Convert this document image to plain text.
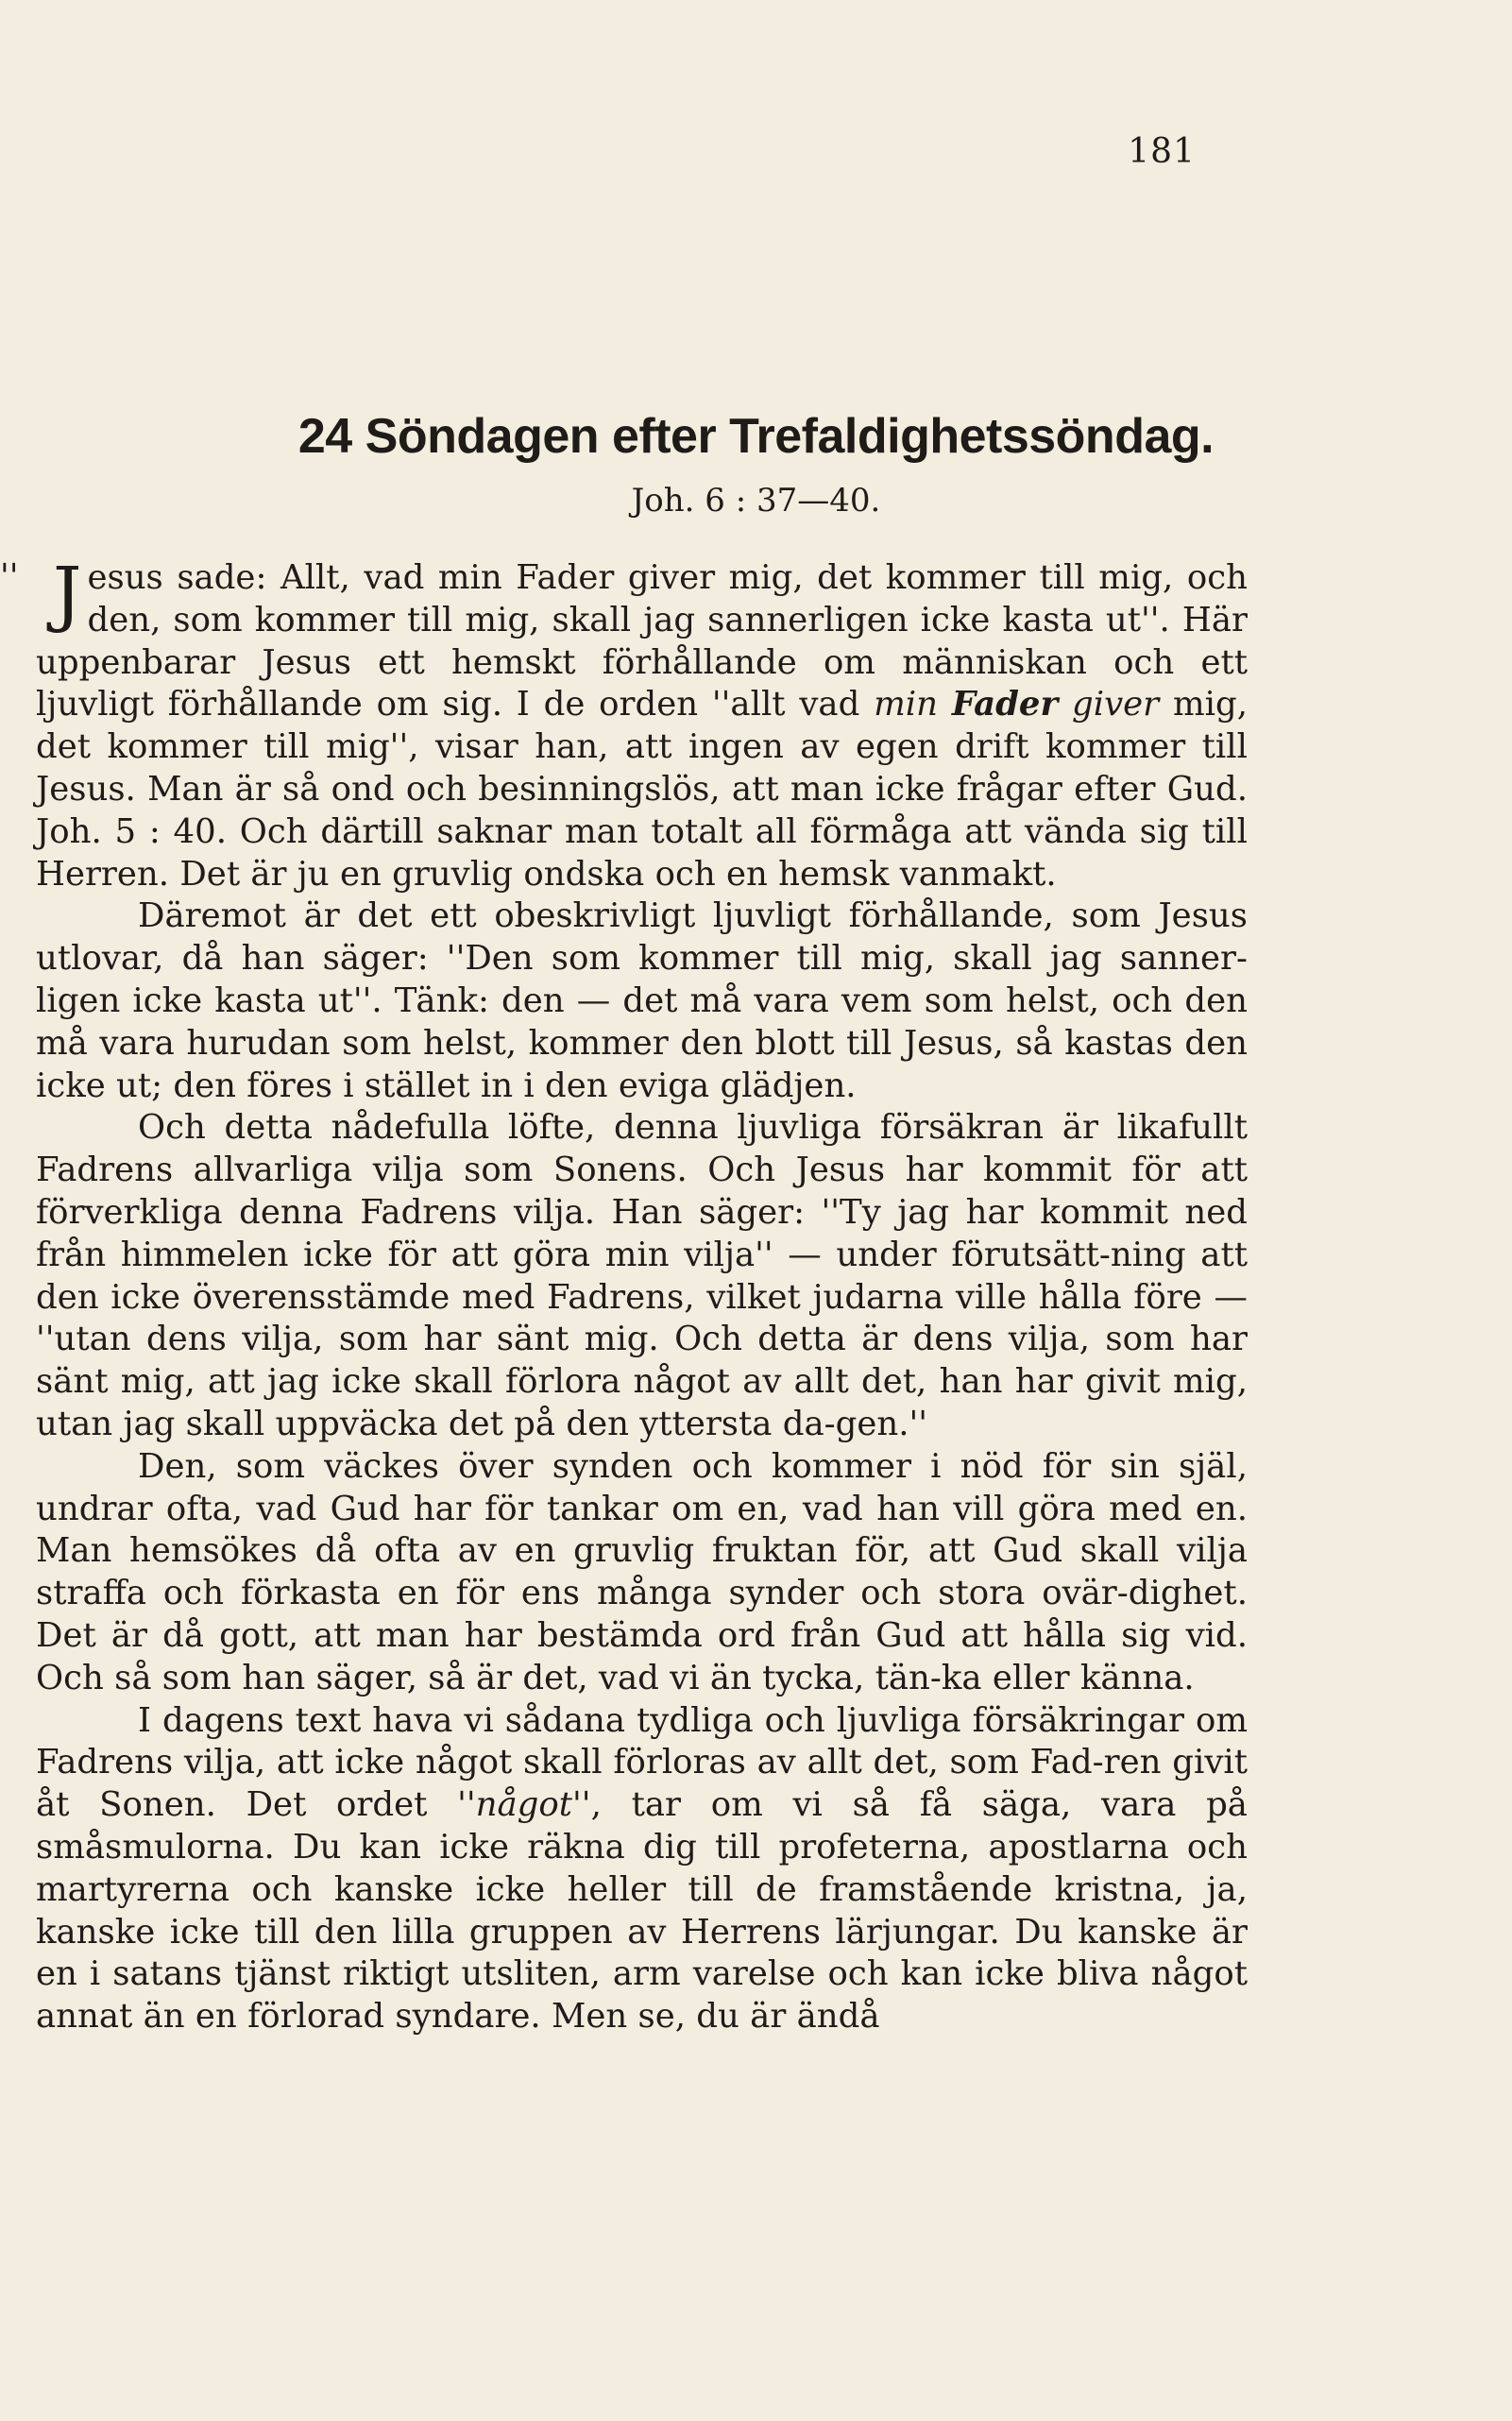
181
24 Söndagen efter Trefaldighetssöndag.
Joh. 6 : 37—40.
''	Jesus sade: Allt, vad min Fader giver mig, det kommer till mig, och den, som kommer till mig, skall jag sannerligen icke kasta ut''. Här uppenbarar Jesus ett hemskt förhållande om människan och ett ljuvligt förhållande om sig. I de orden ''allt vad min Fader giver mig, det kommer till mig'', visar han, att ingen av egen drift kommer till Jesus. Man är så ond och besinningslös, att man icke frågar efter Gud. Joh. 5 : 40. Och därtill saknar man totalt all förmåga att vända sig till Herren. Det är ju en gruvlig ondska och en hemsk vanmakt.

Däremot är det ett obeskrivligt ljuvligt förhållande, som Jesus utlovar, då han säger: ''Den som kommer till mig, skall jag sanner-ligen icke kasta ut''. Tänk: den — det må vara vem som helst, och den må vara hurudan som helst, kommer den blott till Jesus, så kastas den icke ut; den föres i stället in i den eviga glädjen.

Och detta nådefulla löfte, denna ljuvliga försäkran är likafullt Fadrens allvarliga vilja som Sonens. Och Jesus har kommit för att förverkliga denna Fadrens vilja. Han säger: ''Ty jag har kommit ned från himmelen icke för att göra min vilja'' — under förutsätt-ning att den icke överensstämde med Fadrens, vilket judarna ville hålla före — ''utan dens vilja, som har sänt mig. Och detta är dens vilja, som har sänt mig, att jag icke skall förlora något av allt det, han har givit mig, utan jag skall uppväcka det på den yttersta da-gen.''

Den, som väckes över synden och kommer i nöd för sin själ, undrar ofta, vad Gud har för tankar om en, vad han vill göra med en. Man hemsökes då ofta av en gruvlig fruktan för, att Gud skall vilja straffa och förkasta en för ens många synder och stora ovär-dighet. Det är då gott, att man har bestämda ord från Gud att hålla sig vid. Och så som han säger, så är det, vad vi än tycka, tän-ka eller känna.

I dagens text hava vi sådana tydliga och ljuvliga försäkringar om Fadrens vilja, att icke något skall förloras av allt det, som Fad-ren givit åt Sonen. Det ordet ''något'', tar om vi så få säga, vara på småsmulorna. Du kan icke räkna dig till profeterna, apostlarna och martyrerna och kanske icke heller till de framstående kristna, ja, kanske icke till den lilla gruppen av Herrens lärjungar. Du kanske är en i satans tjänst riktigt utsliten, arm varelse och kan icke bliva något annat än en förlorad syndare. Men se, du är ändå
